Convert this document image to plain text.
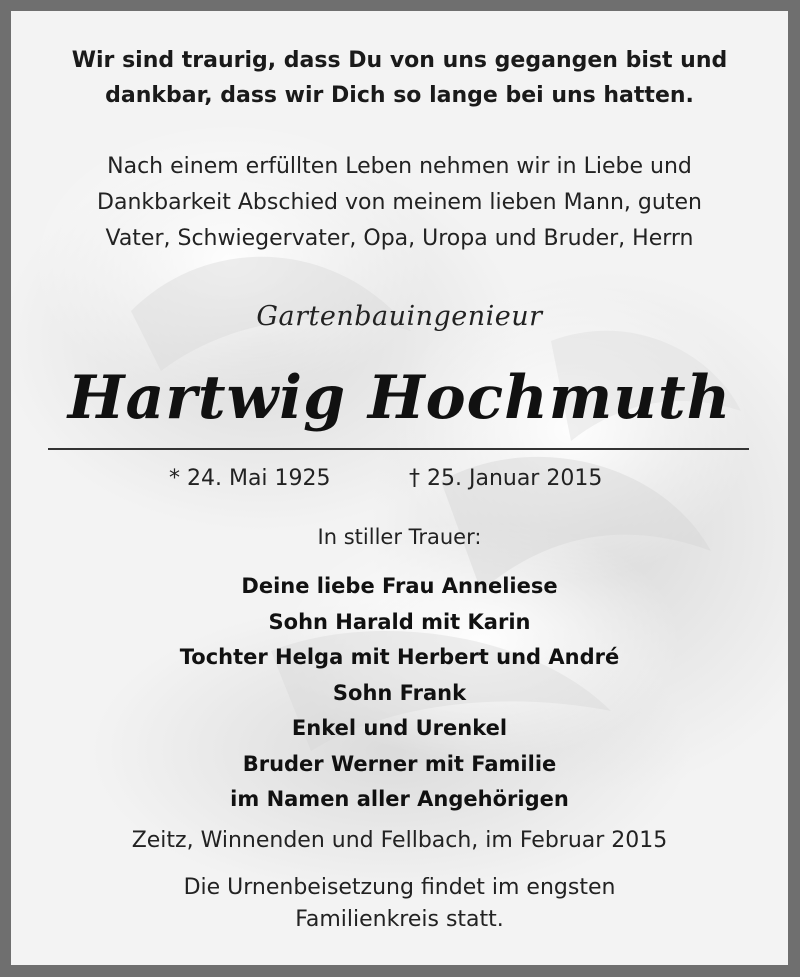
Wir sind traurig, dass Du von uns gegangen bist und
dankbar, dass wir Dich so lange bei uns hatten.
Nach einem erfüllten Leben nehmen wir in Liebe und
Dankbarkeit Abschied von meinem lieben Mann, guten
Vater, Schwiegervater, Opa, Uropa und Bruder, Herrn
Gartenbauingenieur
Hartwig Hochmuth
* 24. Mai 1925	† 25. Januar 2015
In stiller Trauer:
Deine liebe Frau Anneliese
Sohn Harald mit Karin
Tochter Helga mit Herbert und André
Sohn Frank
Enkel und Urenkel
Bruder Werner mit Familie
im Namen aller Angehörigen
Zeitz, Winnenden und Fellbach, im Februar 2015
Die Urnenbeisetzung findet im engsten
Familienkreis statt.
